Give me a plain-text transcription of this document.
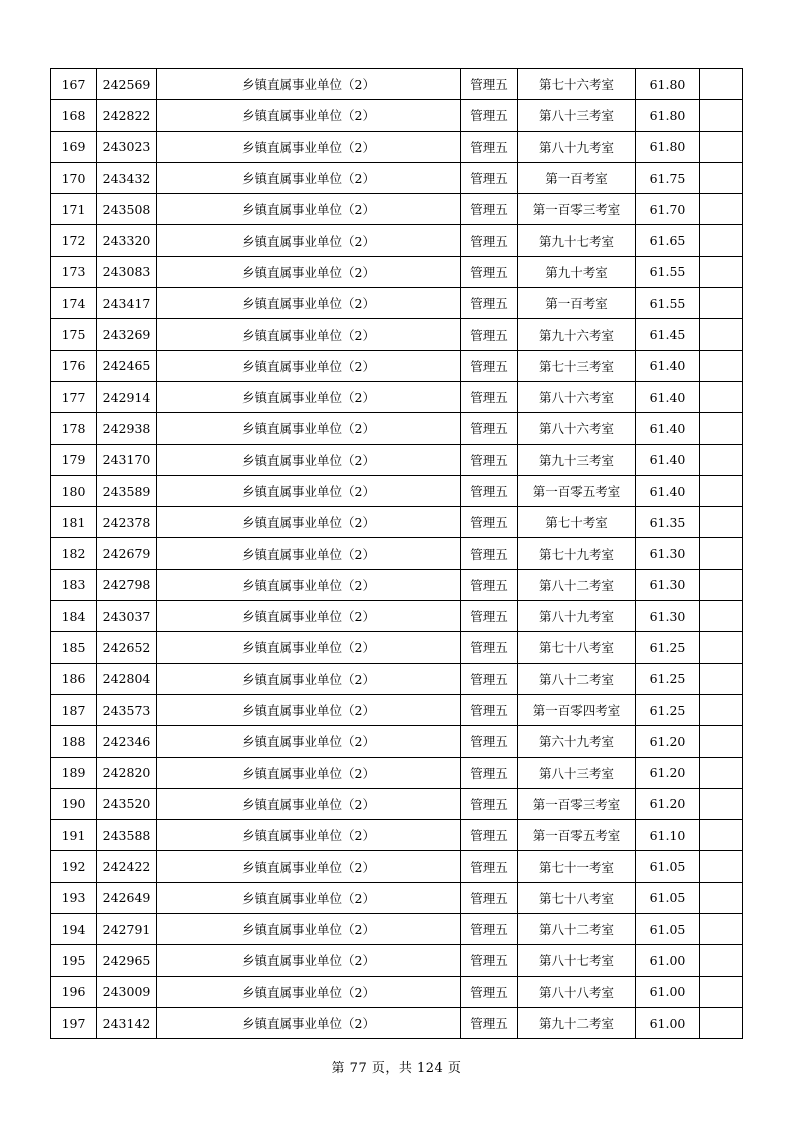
167	242569	乡镇直属事业单位（2）	管理五	第七十六考室	61.80	
168	242822	乡镇直属事业单位（2）	管理五	第八十三考室	61.80	
169	243023	乡镇直属事业单位（2）	管理五	第八十九考室	61.80	
170	243432	乡镇直属事业单位（2）	管理五	第一百考室	61.75	
171	243508	乡镇直属事业单位（2）	管理五	第一百零三考室	61.70	
172	243320	乡镇直属事业单位（2）	管理五	第九十七考室	61.65	
173	243083	乡镇直属事业单位（2）	管理五	第九十考室	61.55	
174	243417	乡镇直属事业单位（2）	管理五	第一百考室	61.55	
175	243269	乡镇直属事业单位（2）	管理五	第九十六考室	61.45	
176	242465	乡镇直属事业单位（2）	管理五	第七十三考室	61.40	
177	242914	乡镇直属事业单位（2）	管理五	第八十六考室	61.40	
178	242938	乡镇直属事业单位（2）	管理五	第八十六考室	61.40	
179	243170	乡镇直属事业单位（2）	管理五	第九十三考室	61.40	
180	243589	乡镇直属事业单位（2）	管理五	第一百零五考室	61.40	
181	242378	乡镇直属事业单位（2）	管理五	第七十考室	61.35	
182	242679	乡镇直属事业单位（2）	管理五	第七十九考室	61.30	
183	242798	乡镇直属事业单位（2）	管理五	第八十二考室	61.30	
184	243037	乡镇直属事业单位（2）	管理五	第八十九考室	61.30	
185	242652	乡镇直属事业单位（2）	管理五	第七十八考室	61.25	
186	242804	乡镇直属事业单位（2）	管理五	第八十二考室	61.25	
187	243573	乡镇直属事业单位（2）	管理五	第一百零四考室	61.25	
188	242346	乡镇直属事业单位（2）	管理五	第六十九考室	61.20	
189	242820	乡镇直属事业单位（2）	管理五	第八十三考室	61.20	
190	243520	乡镇直属事业单位（2）	管理五	第一百零三考室	61.20	
191	243588	乡镇直属事业单位（2）	管理五	第一百零五考室	61.10	
192	242422	乡镇直属事业单位（2）	管理五	第七十一考室	61.05	
193	242649	乡镇直属事业单位（2）	管理五	第七十八考室	61.05	
194	242791	乡镇直属事业单位（2）	管理五	第八十二考室	61.05	
195	242965	乡镇直属事业单位（2）	管理五	第八十七考室	61.00	
196	243009	乡镇直属事业单位（2）	管理五	第八十八考室	61.00	
197	243142	乡镇直属事业单位（2）	管理五	第九十二考室	61.00	
第 77 页，共 124 页
